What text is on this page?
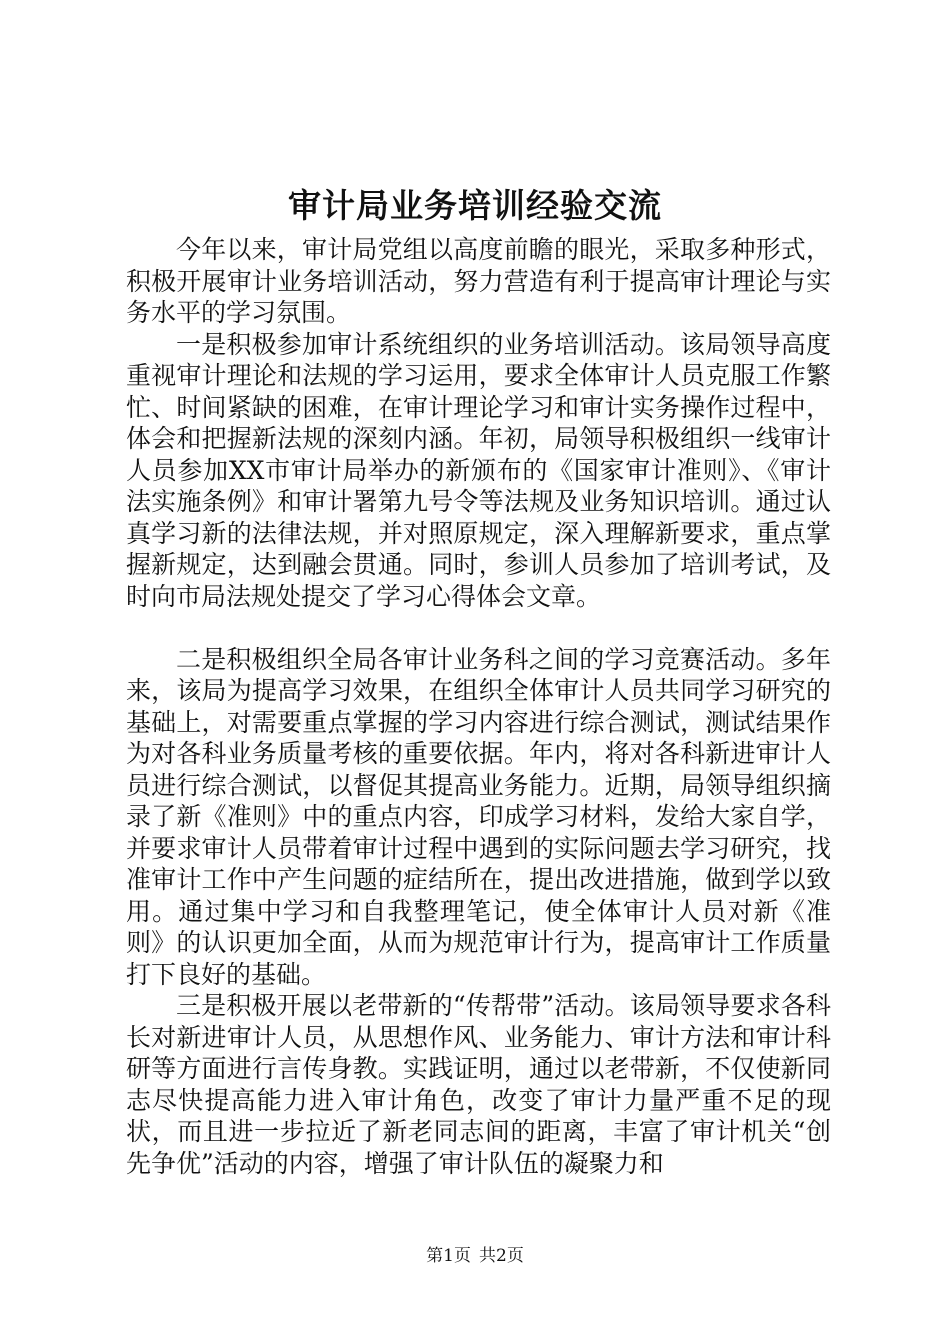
审计局业务培训经验交流

今年以来，审计局党组以高度前瞻的眼光，采取多种形式，积极开展审计业务培训活动，努力营造有利于提高审计理论与实务水平的学习氛围。

一是积极参加审计系统组织的业务培训活动。该局领导高度重视审计理论和法规的学习运用，要求全体审计人员克服工作繁忙、时间紧缺的困难，在审计理论学习和审计实务操作过程中，体会和把握新法规的深刻内涵。年初，局领导积极组织一线审计人员参加XX市审计局举办的新颁布的《国家审计准则》、《审计法实施条例》和审计署第九号令等法规及业务知识培训。通过认真学习新的法律法规，并对照原规定，深入理解新要求，重点掌握新规定，达到融会贯通。同时，参训人员参加了培训考试，及时向市局法规处提交了学习心得体会文章。

二是积极组织全局各审计业务科之间的学习竞赛活动。多年来，该局为提高学习效果，在组织全体审计人员共同学习研究的基础上，对需要重点掌握的学习内容进行综合测试，测试结果作为对各科业务质量考核的重要依据。年内，将对各科新进审计人员进行综合测试，以督促其提高业务能力。近期，局领导组织摘录了新《准则》中的重点内容，印成学习材料，发给大家自学，并要求审计人员带着审计过程中遇到的实际问题去学习研究，找准审计工作中产生问题的症结所在，提出改进措施，做到学以致用。通过集中学习和自我整理笔记，使全体审计人员对新《准则》的认识更加全面，从而为规范审计行为，提高审计工作质量打下良好的基础。

三是积极开展以老带新的“传帮带”活动。该局领导要求各科长对新进审计人员，从思想作风、业务能力、审计方法和审计科研等方面进行言传身教。实践证明，通过以老带新，不仅使新同志尽快提高能力进入审计角色，改变了审计力量严重不足的现状，而且进一步拉近了新老同志间的距离，丰富了审计机关“创先争优”活动的内容，增强了审计队伍的凝聚力和

第1页 共2页
